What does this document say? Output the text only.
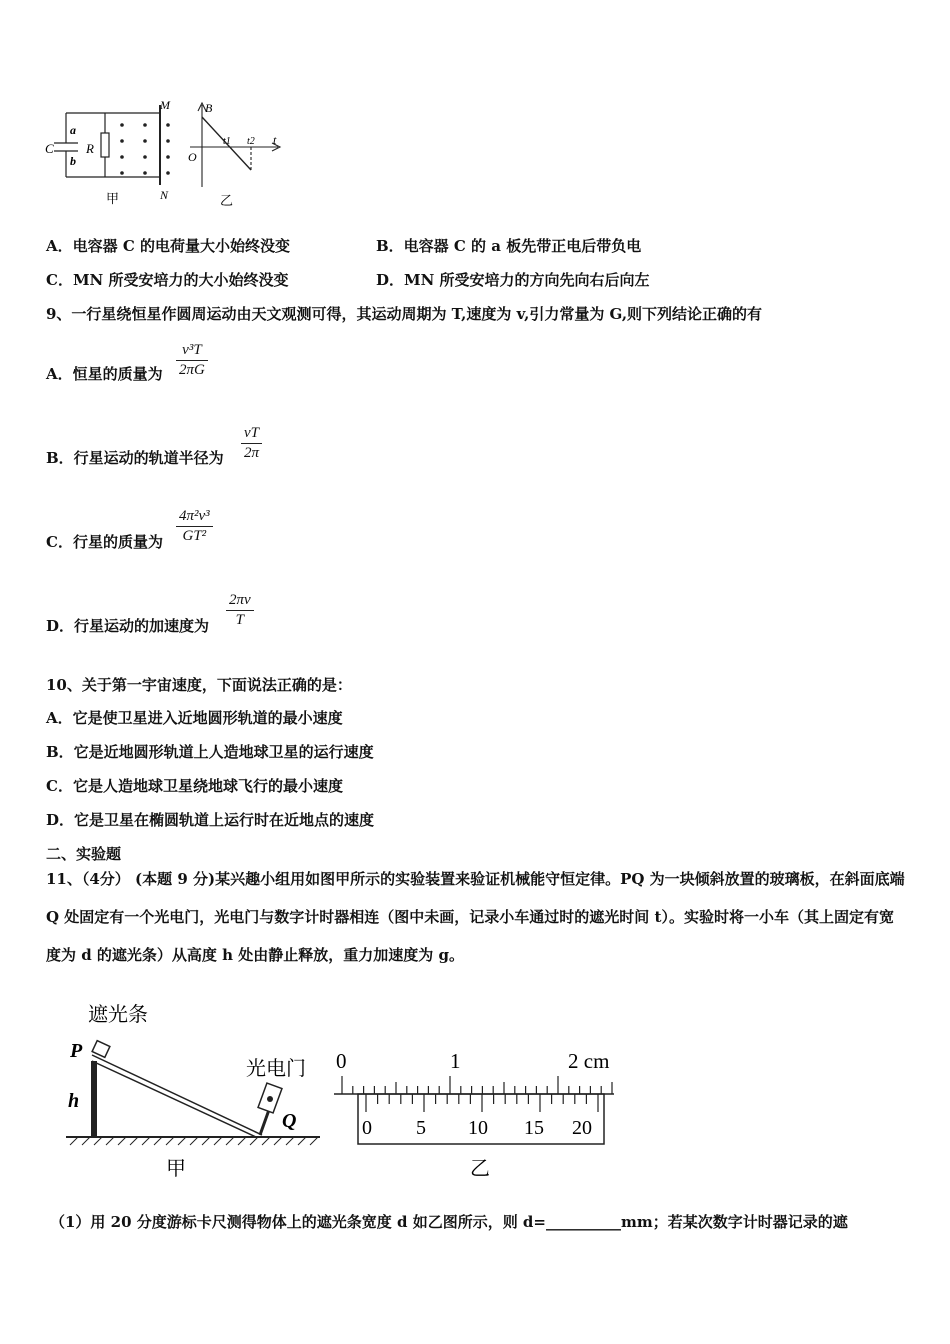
a
b
C R
M
N
甲
B
O
t1 t2 t
乙
A．电容器 C 的电荷量大小始终没变	B．电容器 C 的 a 板先带正电后带负电
C．MN 所受安培力的大小始终没变	D．MN 所受安培力的方向先向右后向左
9、一行星绕恒星作圆周运动由天文观测可得，其运动周期为 T,速度为 v,引力常量为 G,则下列结论正确的有
A．恒星的质量为
v³T
2πG
B．行星运动的轨道半径为
vT
2π
C．行星的质量为
4π²v³
GT²
D．行星运动的加速度为
2πv
T
10、关于第一宇宙速度，下面说法正确的是：
A．它是使卫星进入近地圆形轨道的最小速度
B．它是近地圆形轨道上人造地球卫星的运行速度
C．它是人造地球卫星绕地球飞行的最小速度
D．它是卫星在椭圆轨道上运行时在近地点的速度
二、实验题
11、（4分） (本题 9 分)某兴趣小组用如图甲所示的实验装置来验证机械能守恒定律。PQ 为一块倾斜放置的玻璃板，在斜面底端 Q 处固定有一个光电门，光电门与数字计时器相连（图中未画，记录小车通过时的遮光时间 t）。实验时将一小车（其上固定有宽度为 d 的遮光条）从高度 h 处由静止释放，重力加速度为 g。
遮光条
P
h
光电门
Q
甲
0	1	2 cm
0 5 10 15 20
乙
（1）用 20 分度游标卡尺测得物体上的遮光条宽度 d 如乙图所示，则 d=__________mm；若某次数字计时器记录的遮
